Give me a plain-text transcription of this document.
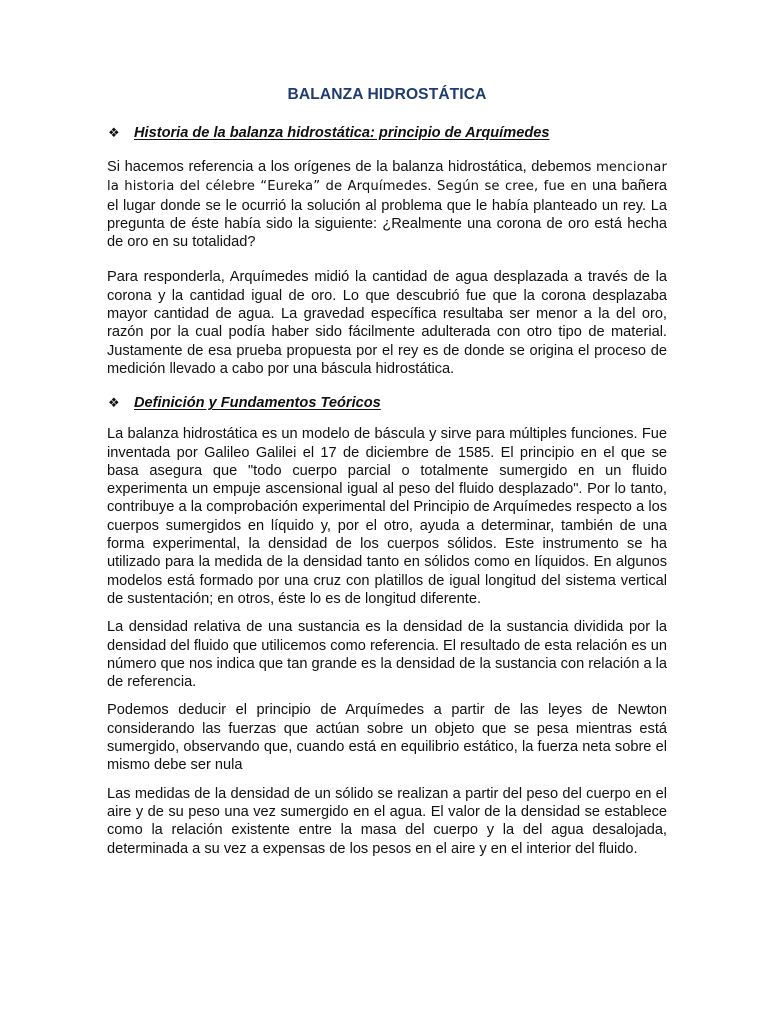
BALANZA HIDROSTÁTICA
❖ Historia de la balanza hidrostática: principio de Arquímedes

Si hacemos referencia a los orígenes de la balanza hidrostática, debemos mencionar la historia del célebre “Eureka” de Arquímedes. Según se cree, fue en una bañera el lugar donde se le ocurrió la solución al problema que le había planteado un rey. La pregunta de éste había sido la siguiente: ¿Realmente una corona de oro está hecha de oro en su totalidad?

Para responderla, Arquímedes midió la cantidad de agua desplazada a través de la corona y la cantidad igual de oro. Lo que descubrió fue que la corona desplazaba mayor cantidad de agua. La gravedad específica resultaba ser menor a la del oro, razón por la cual podía haber sido fácilmente adulterada con otro tipo de material. Justamente de esa prueba propuesta por el rey es de donde se origina el proceso de medición llevado a cabo por una báscula hidrostática.

❖ Definición y Fundamentos Teóricos

La balanza hidrostática es un modelo de báscula y sirve para múltiples funciones. Fue inventada por Galileo Galilei el 17 de diciembre de 1585. El principio en el que se basa asegura que "todo cuerpo parcial o totalmente sumergido en un fluido experimenta un empuje ascensional igual al peso del fluido desplazado". Por lo tanto, contribuye a la comprobación experimental del Principio de Arquímedes respecto a los cuerpos sumergidos en líquido y, por el otro, ayuda a determinar, también de una forma experimental, la densidad de los cuerpos sólidos. Este instrumento se ha utilizado para la medida de la densidad tanto en sólidos como en líquidos. En algunos modelos está formado por una cruz con platillos de igual longitud del sistema vertical de sustentación; en otros, éste lo es de longitud diferente.

La densidad relativa de una sustancia es la densidad de la sustancia dividida por la densidad del fluido que utilicemos como referencia. El resultado de esta relación es un número que nos indica que tan grande es la densidad de la sustancia con relación a la de referencia.

Podemos deducir el principio de Arquímedes a partir de las leyes de Newton considerando las fuerzas que actúan sobre un objeto que se pesa mientras está sumergido, observando que, cuando está en equilibrio estático, la fuerza neta sobre el mismo debe ser nula

Las medidas de la densidad de un sólido se realizan a partir del peso del cuerpo en el aire y de su peso una vez sumergido en el agua. El valor de la densidad se establece como la relación existente entre la masa del cuerpo y la del agua desalojada, determinada a su vez a expensas de los pesos en el aire y en el interior del fluido.
